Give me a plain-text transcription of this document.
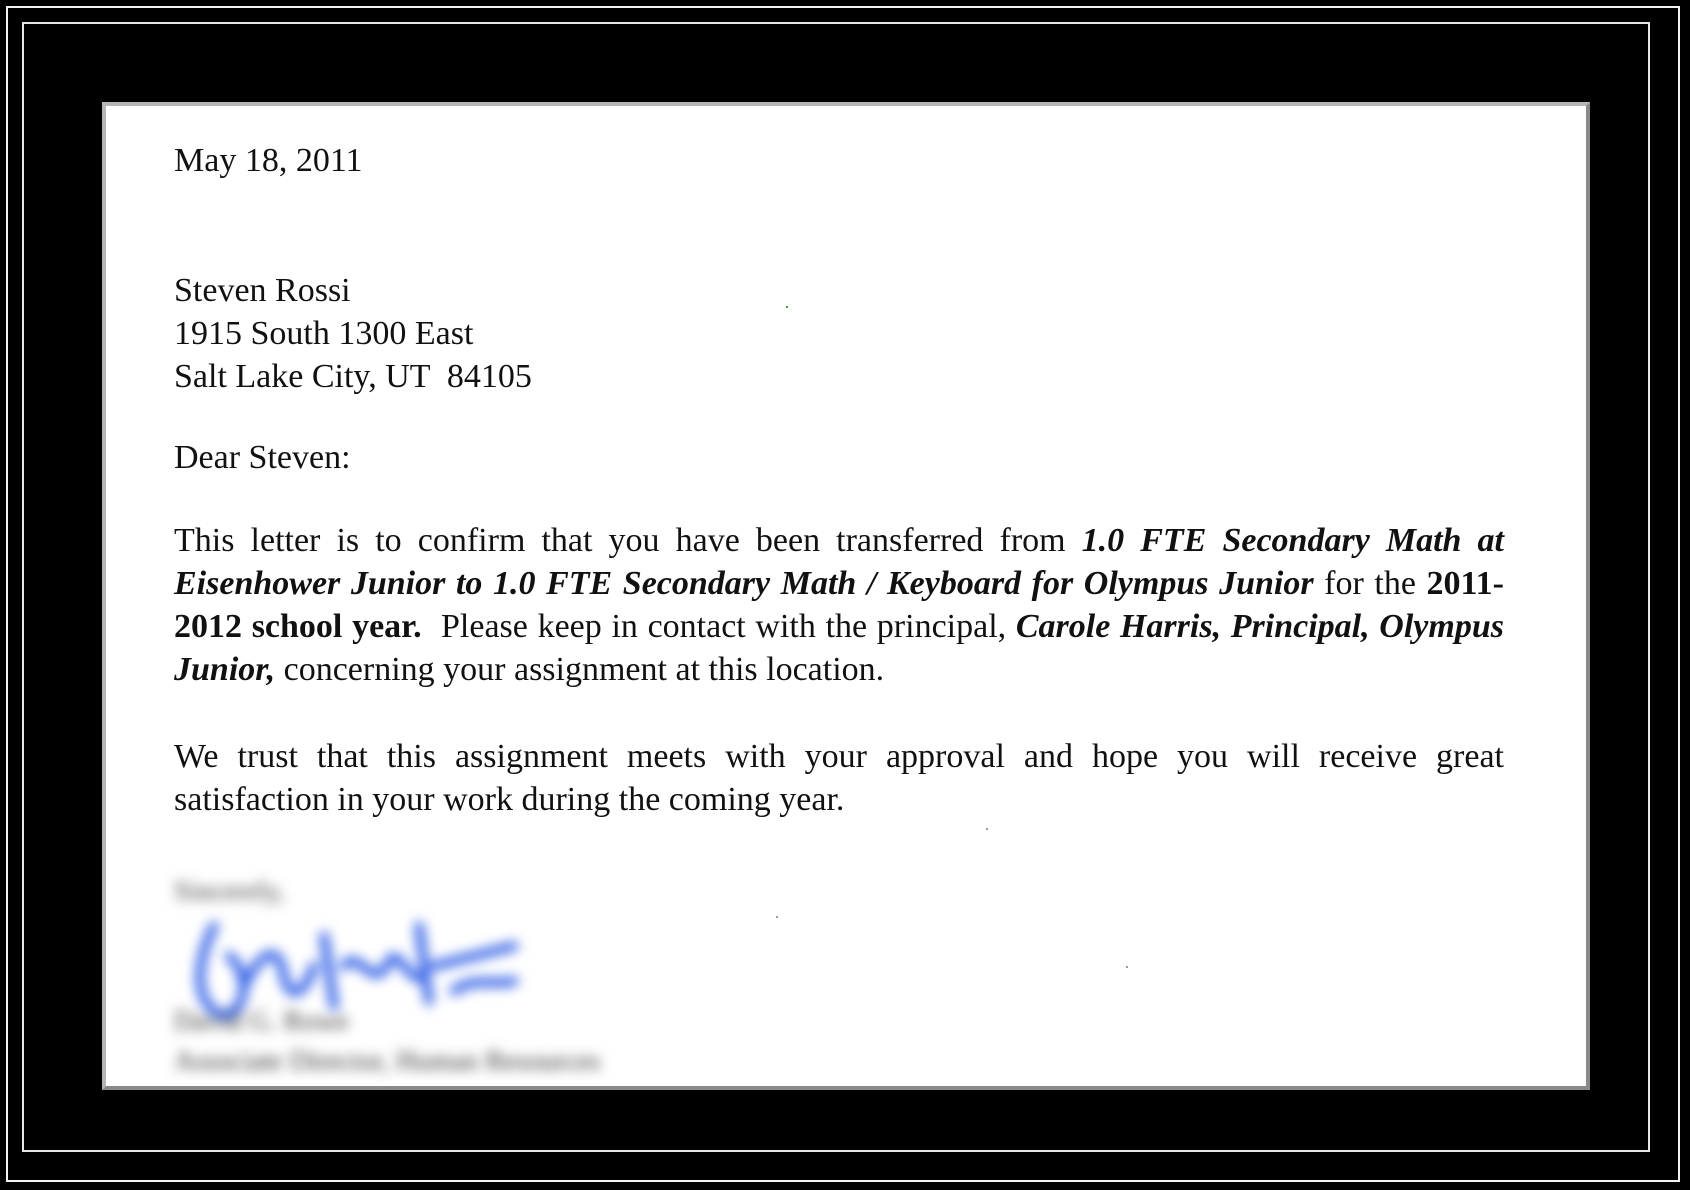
May 18, 2011
Steven Rossi
1915 South 1300 East
Salt Lake City, UT  84105
Dear Steven:
This letter is to confirm that you have been transferred from 1.0 FTE Secondary Math at Eisenhower Junior to 1.0 FTE Secondary Math / Keyboard for Olympus Junior for the 2011-2012 school year.  Please keep in contact with the principal, Carole Harris, Principal, Olympus Junior, concerning your assignment at this location.
We trust that this assignment meets with your approval and hope you will receive great satisfaction in your work during the coming year.
Sincerely,
David G. Rowe
Associate Director, Human Resources
